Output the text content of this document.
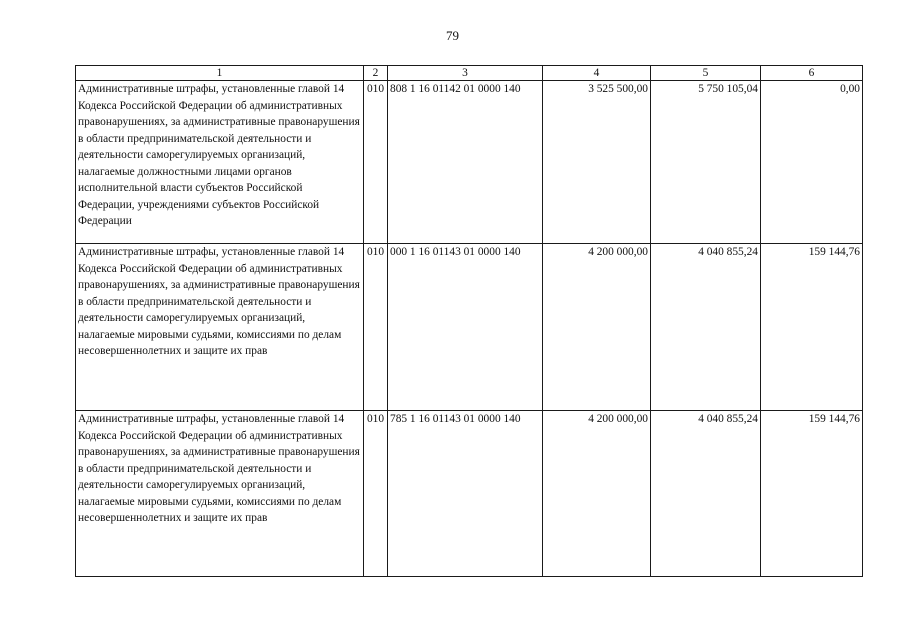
79
1	2	3	4	5	6
Административные штрафы, установленные главой 14 Кодекса Российской Федерации об административных правонарушениях, за административные правонарушения в области предпринимательской деятельности и деятельности саморегулируемых организаций, налагаемые должностными лицами органов исполнительной власти субъектов Российской Федерации, учреждениями субъектов Российской Федерации	010	808 1 16 01142 01 0000 140	3 525 500,00	5 750 105,04	0,00
Административные штрафы, установленные главой 14 Кодекса Российской Федерации об административных правонарушениях, за административные правонарушения в области предпринимательской деятельности и деятельности саморегулируемых организаций, налагаемые мировыми судьями, комиссиями по делам несовершеннолетних и защите их прав	010	000 1 16 01143 01 0000 140	4 200 000,00	4 040 855,24	159 144,76
Административные штрафы, установленные главой 14 Кодекса Российской Федерации об административных правонарушениях, за административные правонарушения в области предпринимательской деятельности и деятельности саморегулируемых организаций, налагаемые мировыми судьями, комиссиями по делам несовершеннолетних и защите их прав	010	785 1 16 01143 01 0000 140	4 200 000,00	4 040 855,24	159 144,76
